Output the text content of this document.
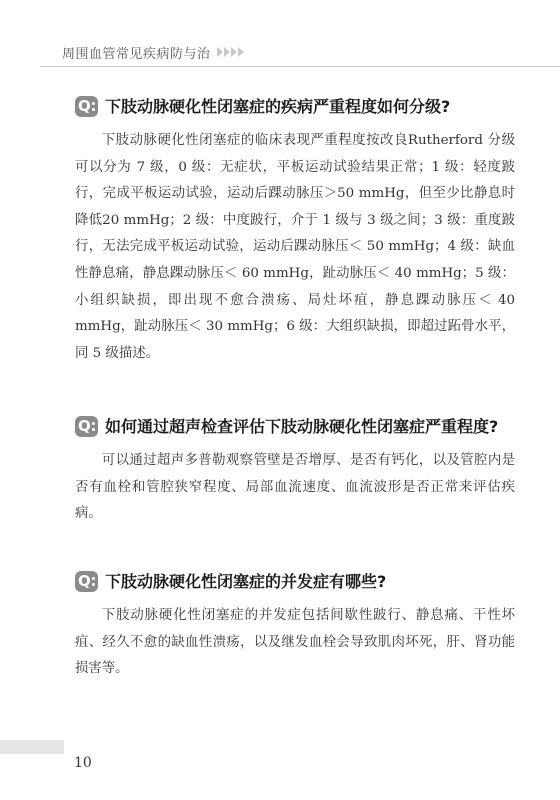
周围血管常见疾病防与治
Q 下肢动脉硬化性闭塞症的疾病严重程度如何分级?

下肢动脉硬化性闭塞症的临床表现严重程度按改良Rutherford 分级可以分为 7 级，0 级：无症状，平板运动试验结果正常；1 级：轻度跛行，完成平板运动试验，运动后踝动脉压＞50 mmHg，但至少比静息时降低20 mmHg；2 级：中度跛行，介于 1 级与 3 级之间；3 级：重度跛行，无法完成平板运动试验，运动后踝动脉压＜ 50 mmHg；4 级：缺血性静息痛，静息踝动脉压＜ 60 mmHg，趾动脉压＜ 40 mmHg；5 级：小组织缺损，即出现不愈合溃疡、局灶坏疽，静息踝动脉压＜ 40 mmHg，趾动脉压＜ 30 mmHg；6 级：大组织缺损，即超过跖骨水平，同 5 级描述。

Q 如何通过超声检查评估下肢动脉硬化性闭塞症严重程度?

可以通过超声多普勒观察管壁是否增厚、是否有钙化，以及管腔内是否有血栓和管腔狭窄程度、局部血流速度、血流波形是否正常来评估疾病。

Q 下肢动脉硬化性闭塞症的并发症有哪些?

下肢动脉硬化性闭塞症的并发症包括间歇性跛行、静息痛、干性坏疽、经久不愈的缺血性溃疡，以及继发血栓会导致肌肉坏死，肝、肾功能损害等。

10
